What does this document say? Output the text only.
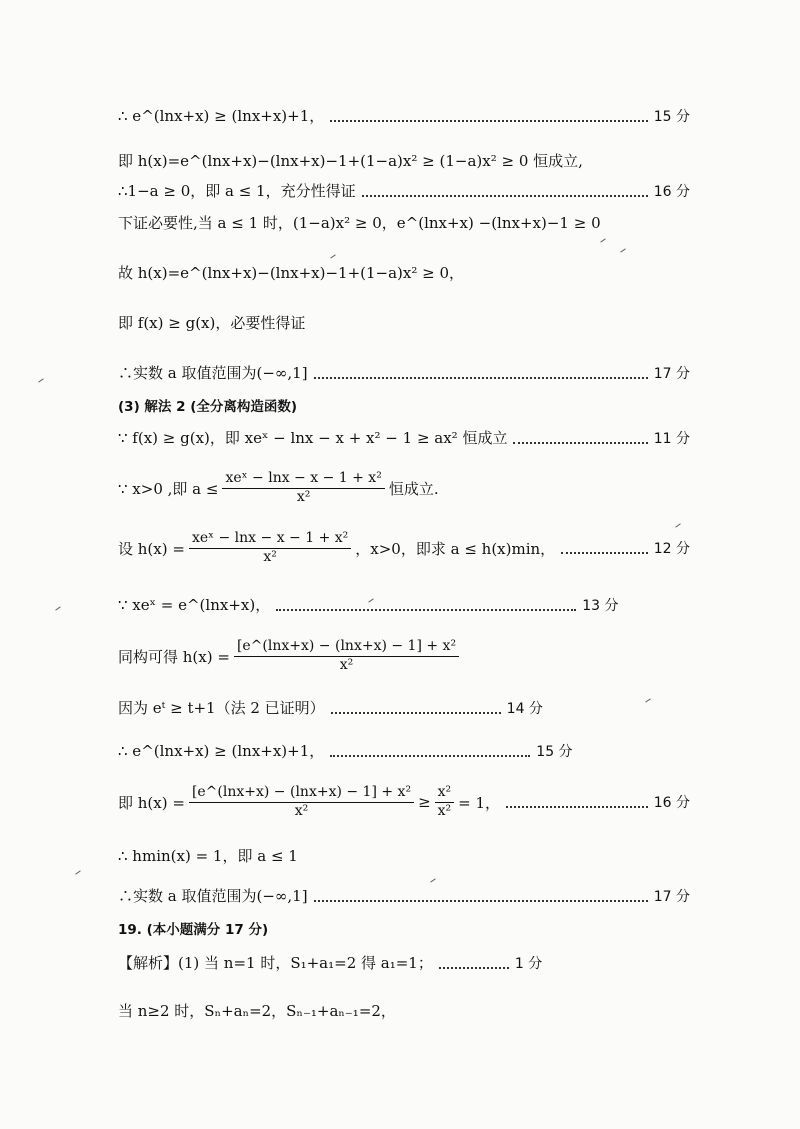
∴ e^(lnx+x) ≥ (lnx+x)+1，	15 分
即 h(x)=e^(lnx+x)−(lnx+x)−1+(1−a)x² ≥ (1−a)x² ≥ 0 恒成立,
∴1−a ≥ 0，即 a ≤ 1，充分性得证	16 分
下证必要性,当 a ≤ 1 时，(1−a)x² ≥ 0，e^(lnx+x) −(lnx+x)−1 ≥ 0
故 h(x)=e^(lnx+x)−(lnx+x)−1+(1−a)x² ≥ 0，
即 f(x) ≥ g(x)，必要性得证
∴实数 a 取值范围为(−∞,1]	17 分
(3) 解法 2 (全分离构造函数)
∵ f(x) ≥ g(x)，即 xeˣ − lnx − x + x² − 1 ≥ ax² 恒成立	11 分
∵ x>0 ,即 $a \le \frac{\text{xeˣ − lnx − x − 1 + x²}}{\text{x²}}$ 恒成立.
设 $h(x) = \frac{\text{xeˣ − lnx − x − 1 + x²}}{\text{x²}}$ ，x>0，即求 a ≤ h(x)min，	12 分
∵ xeˣ = e^(lnx+x)，	13 分
同构可得 $h(x) = \frac{\text{[e\textasciicircum{}(lnx+x) − (lnx+x) − 1] + x²}}{\text{x²}}$
因为 eᵗ ≥ t+1（法 2 已证明）	14 分
∴ e^(lnx+x) ≥ (lnx+x)+1，	15 分
即 $h(x) = \frac{\text{[e\textasciicircum{}(lnx+x) − (lnx+x) − 1] + x²}}{\text{x²}} \ge \frac{\text{x²}}{\text{x²}} = 1$，	16 分
∴ hmin(x) = 1，即 a ≤ 1
∴实数 a 取值范围为(−∞,1]	17 分
19. (本小题满分 17 分)
【解析】(1) 当 n=1 时，S₁+a₁=2 得 a₁=1；	1 分
当 n≥2 时，Sₙ+aₙ=2，Sₙ₋₁+aₙ₋₁=2，
